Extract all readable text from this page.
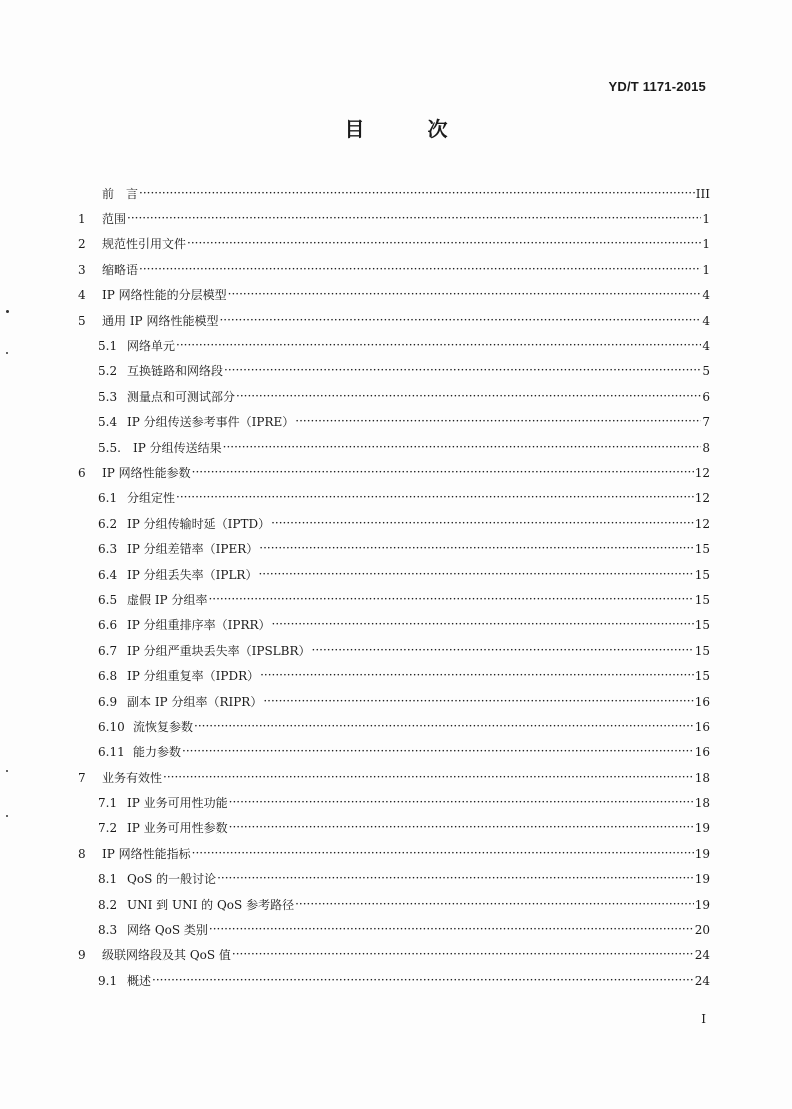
YD/T 1171-2015
目 次
前　言 ·····	III
1	范围 ·····	1
2	规范性引用文件 ·····	1
3	缩略语 ·····	1
4	IP 网络性能的分层模型 ·····	4
5	通用 IP 网络性能模型 ·····	4
5.1 网络单元 ·····	4
5.2 互换链路和网络段 ·····	5
5.3 测量点和可测试部分 ·····	6
5.4 IP 分组传送参考事件（IPRE） ·····	7
5.5.	IP 分组传送结果 ·····	8
6	IP 网络性能参数 ·····	12
6.1 分组定性 ·····	12
6.2 IP 分组传输时延（IPTD） ·····	12
6.3 IP 分组差错率（IPER） ·····	15
6.4 IP 分组丢失率（IPLR） ·····	15
6.5 虚假 IP 分组率 ·····	15
6.6 IP 分组重排序率（IPRR） ·····	15
6.7 IP 分组严重块丢失率（IPSLBR） ·····	15
6.8 IP 分组重复率（IPDR） ·····	15
6.9 副本 IP 分组率（RIPR） ·····	16
6.10 流恢复参数 ·····	16
6.11 能力参数 ·····	16
7	业务有效性 ·····	18
7.1 IP 业务可用性功能 ·····	18
7.2 IP 业务可用性参数 ·····	19
8	IP 网络性能指标 ·····	19
8.1 QoS 的一般讨论 ·····	19
8.2 UNI 到 UNI 的 QoS 参考路径 ·····	19
8.3 网络 QoS 类别 ·····	20
9	级联网络段及其 QoS 值 ·····	24
9.1 概述 ·····	24
I
